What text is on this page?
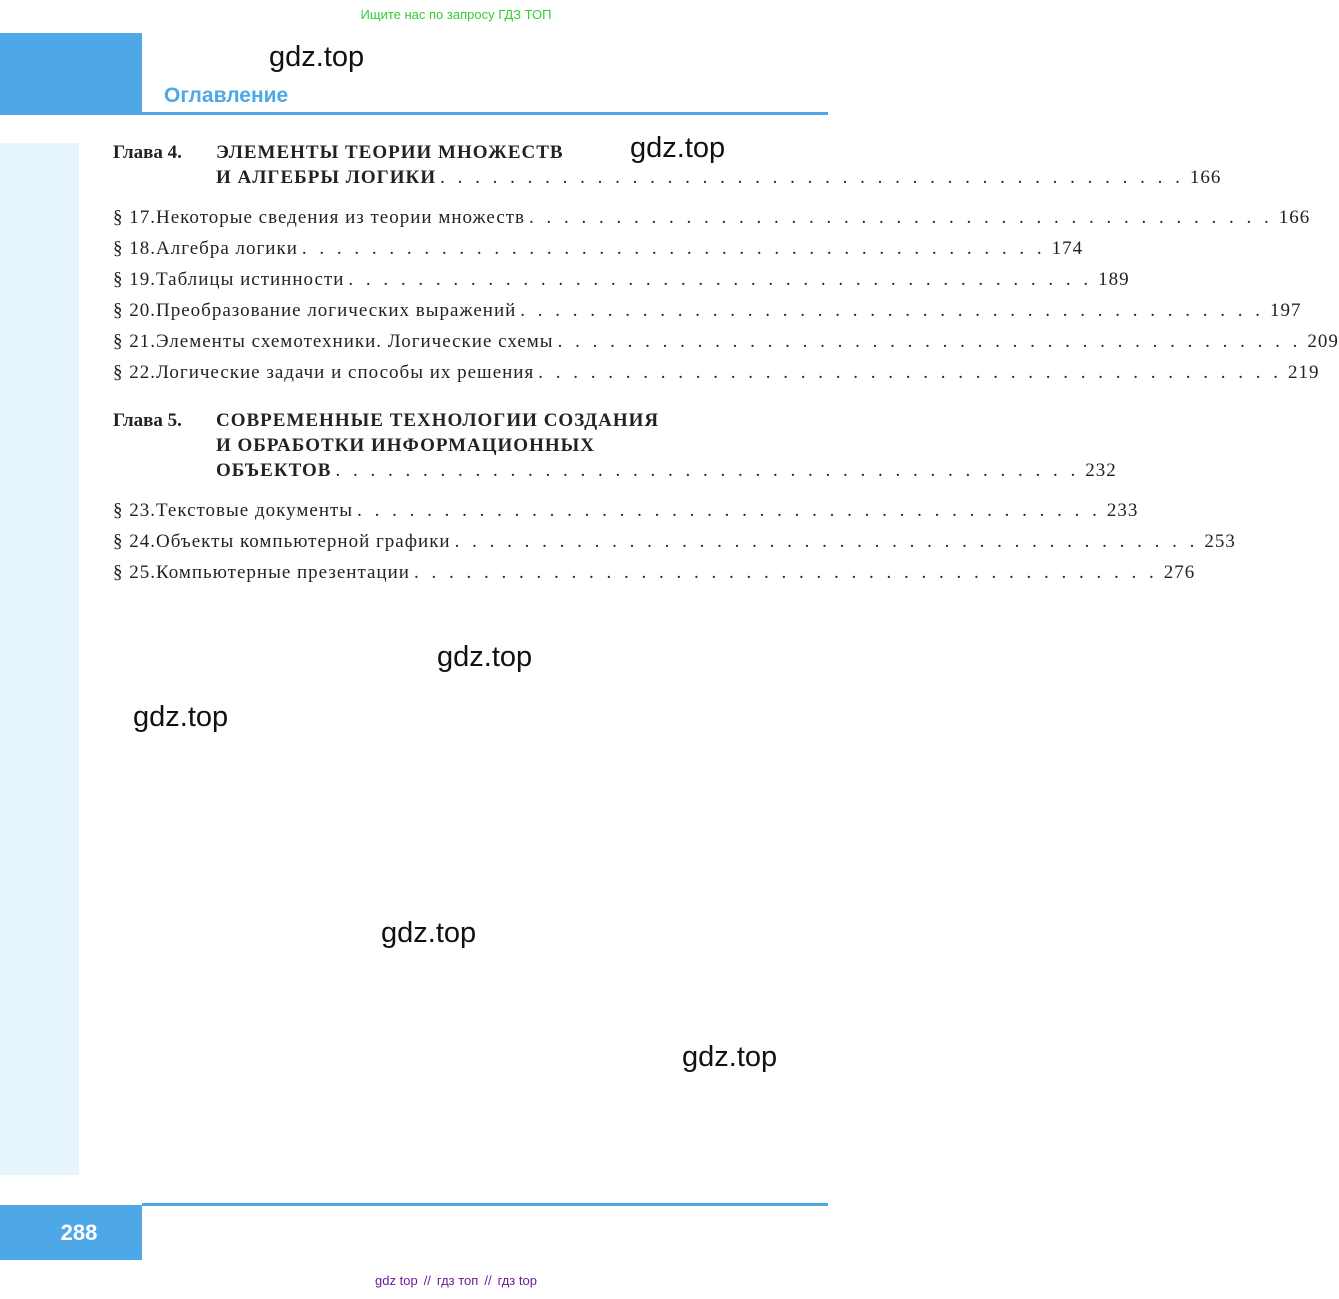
Ищите нас по запросу ГДЗ ТОП
Оглавление
Глава 4. ЭЛЕМЕНТЫ ТЕОРИИ МНОЖЕСТВ
И АЛГЕБРЫ ЛОГИКИ . . . . . . . . . . . . . . . . . . . . . . . . . . . . . . . . . . . . . . . . . . . 166
§ 17. Некоторые сведения из теории множеств . . . . . . . . . . . . . . . . . . . . . . . . . . . . . . . . . . . . . . . . . . . 166
§ 18. Алгебра логики . . . . . . . . . . . . . . . . . . . . . . . . . . . . . . . . . . . . . . . . . . . 174
§ 19. Таблицы истинности . . . . . . . . . . . . . . . . . . . . . . . . . . . . . . . . . . . . . . . . . . . 189
§ 20. Преобразование логических выражений . . . . . . . . . . . . . . . . . . . . . . . . . . . . . . . . . . . . . . . . . . . 197
§ 21. Элементы схемотехники. Логические схемы . . . . . . . . . . . . . . . . . . . . . . . . . . . . . . . . . . . . . . . . . . . 209
§ 22. Логические задачи и способы их решения . . . . . . . . . . . . . . . . . . . . . . . . . . . . . . . . . . . . . . . . . . . 219
Глава 5. СОВРЕМЕННЫЕ ТЕХНОЛОГИИ СОЗДАНИЯ
И ОБРАБОТКИ ИНФОРМАЦИОННЫХ
ОБЪЕКТОВ . . . . . . . . . . . . . . . . . . . . . . . . . . . . . . . . . . . . . . . . . . . 232
§ 23. Текстовые документы . . . . . . . . . . . . . . . . . . . . . . . . . . . . . . . . . . . . . . . . . . . 233
§ 24. Объекты компьютерной графики . . . . . . . . . . . . . . . . . . . . . . . . . . . . . . . . . . . . . . . . . . . 253
§ 25. Компьютерные презентации . . . . . . . . . . . . . . . . . . . . . . . . . . . . . . . . . . . . . . . . . . . 276
gdz.top
gdz.top
gdz.top
gdz.top
gdz.top
gdz.top
288
gdz top // гдз топ // гдз top
